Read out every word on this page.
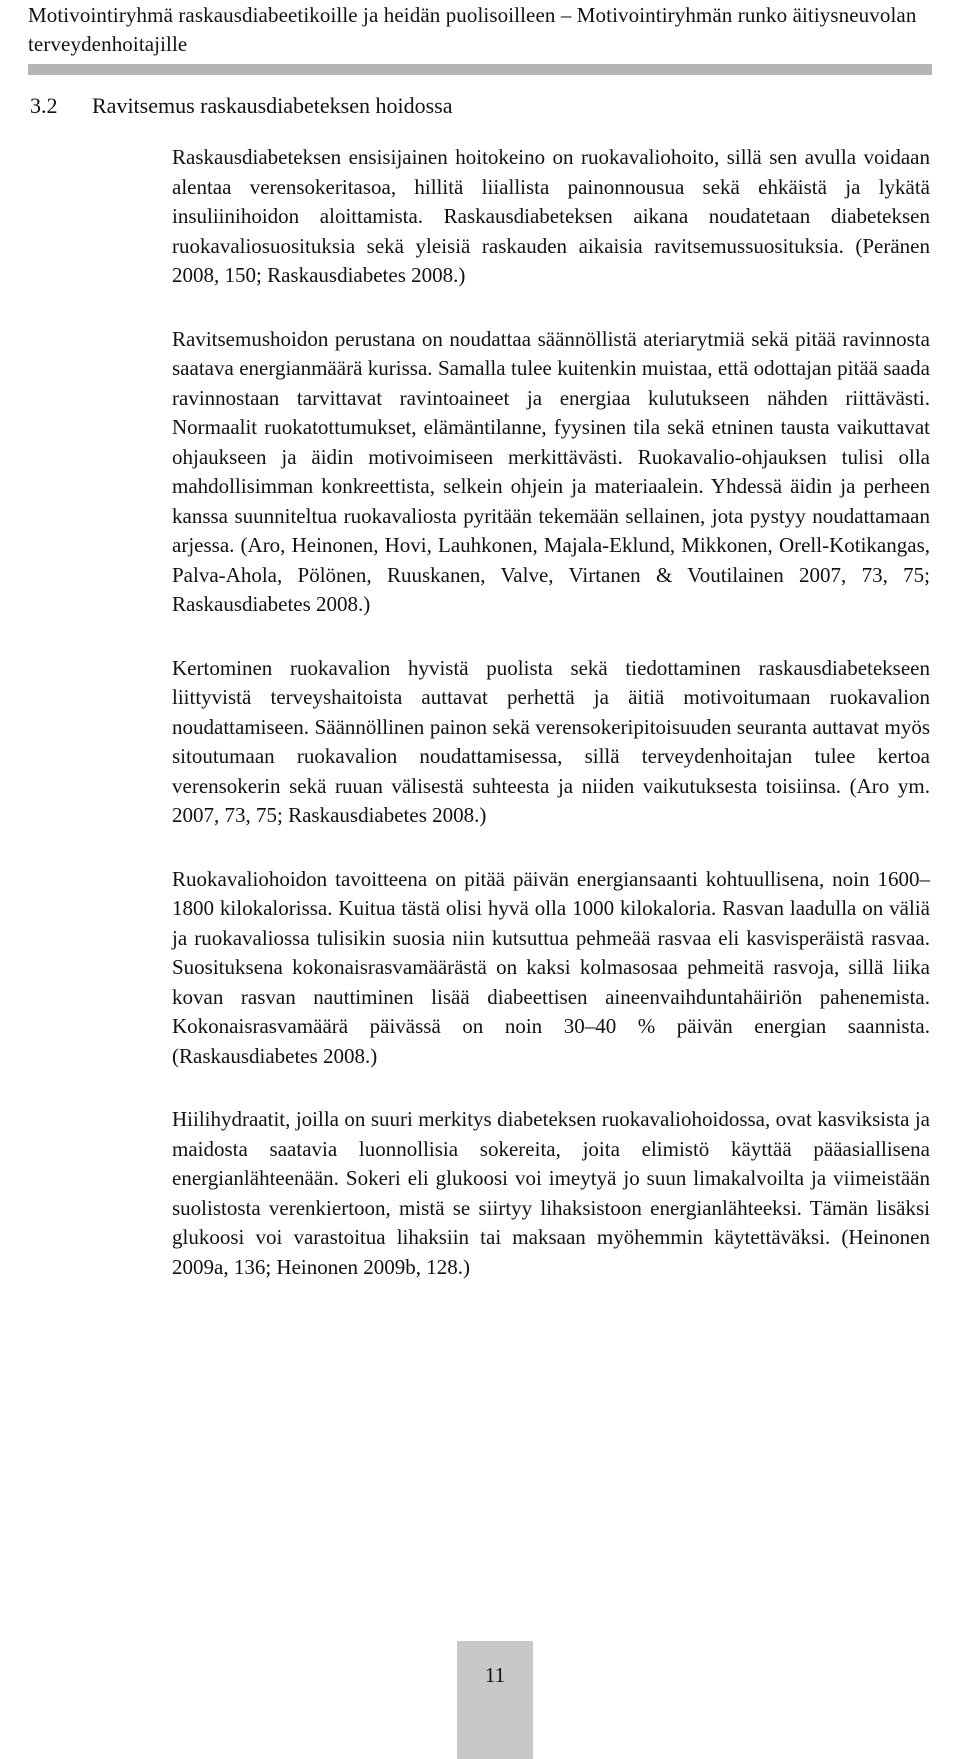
Motivointiryhmä raskausdiabeetikoille ja heidän puolisoilleen – Motivointiryhmän runko äitiysneuvolan terveydenhoitajille
3.2 Ravitsemus raskausdiabeteksen hoidossa

Raskausdiabeteksen ensisijainen hoitokeino on ruokavaliohoito, sillä sen avulla voidaan alentaa verensokeritasoa, hillitä liiallista painonnousua sekä ehkäistä ja lykätä insuliinihoidon aloittamista. Raskausdiabeteksen aikana noudatetaan diabeteksen ruokavaliosuosituksia sekä yleisiä raskauden aikaisia ravitsemussuosituksia. (Peränen 2008, 150; Raskausdiabetes 2008.)

Ravitsemushoidon perustana on noudattaa säännöllistä ateriarytmiä sekä pitää ravinnosta saatava energianmäärä kurissa. Samalla tulee kuitenkin muistaa, että odottajan pitää saada ravinnostaan tarvittavat ravintoaineet ja energiaa kulutukseen nähden riittävästi. Normaalit ruokatottumukset, elämäntilanne, fyysinen tila sekä etninen tausta vaikuttavat ohjaukseen ja äidin motivoimiseen merkittävästi. Ruokavalio-ohjauksen tulisi olla mahdollisimman konkreettista, selkein ohjein ja materiaalein. Yhdessä äidin ja perheen kanssa suunniteltua ruokavaliosta pyritään tekemään sellainen, jota pystyy noudattamaan arjessa. (Aro, Heinonen, Hovi, Lauhkonen, Majala-Eklund, Mikkonen, Orell-Kotikangas, Palva-Ahola, Pölönen, Ruuskanen, Valve, Virtanen & Voutilainen 2007, 73, 75; Raskausdiabetes 2008.)

Kertominen ruokavalion hyvistä puolista sekä tiedottaminen raskausdiabetekseen liittyvistä terveyshaitoista auttavat perhettä ja äitiä motivoitumaan ruokavalion noudattamiseen. Säännöllinen painon sekä verensokeripitoisuuden seuranta auttavat myös sitoutumaan ruokavalion noudattamisessa, sillä terveydenhoitajan tulee kertoa verensokerin sekä ruuan välisestä suhteesta ja niiden vaikutuksesta toisiinsa. (Aro ym. 2007, 73, 75; Raskausdiabetes 2008.)

Ruokavaliohoidon tavoitteena on pitää päivän energiansaanti kohtuullisena, noin 1600–1800 kilokalorissa. Kuitua tästä olisi hyvä olla 1000 kilokaloria. Rasvan laadulla on väliä ja ruokavaliossa tulisikin suosia niin kutsuttua pehmeää rasvaa eli kasvisperäistä rasvaa. Suosituksena kokonaisrasvamäärästä on kaksi kolmasosaa pehmeitä rasvoja, sillä liika kovan rasvan nauttiminen lisää diabeettisen aineenvaihduntahäiriön pahenemista. Kokonaisrasvamäärä päivässä on noin 30–40 % päivän energian saannista. (Raskausdiabetes 2008.)

Hiilihydraatit, joilla on suuri merkitys diabeteksen ruokavaliohoidossa, ovat kasviksista ja maidosta saatavia luonnollisia sokereita, joita elimistö käyttää pääasiallisena energianlähteenään. Sokeri eli glukoosi voi imeytyä jo suun limakalvoilta ja viimeistään suolistosta verenkiertoon, mistä se siirtyy lihaksistoon energianlähteeksi. Tämän lisäksi glukoosi voi varastoitua lihaksiin tai maksaan myöhemmin käytettäväksi. (Heinonen 2009a, 136; Heinonen 2009b, 128.)

11
